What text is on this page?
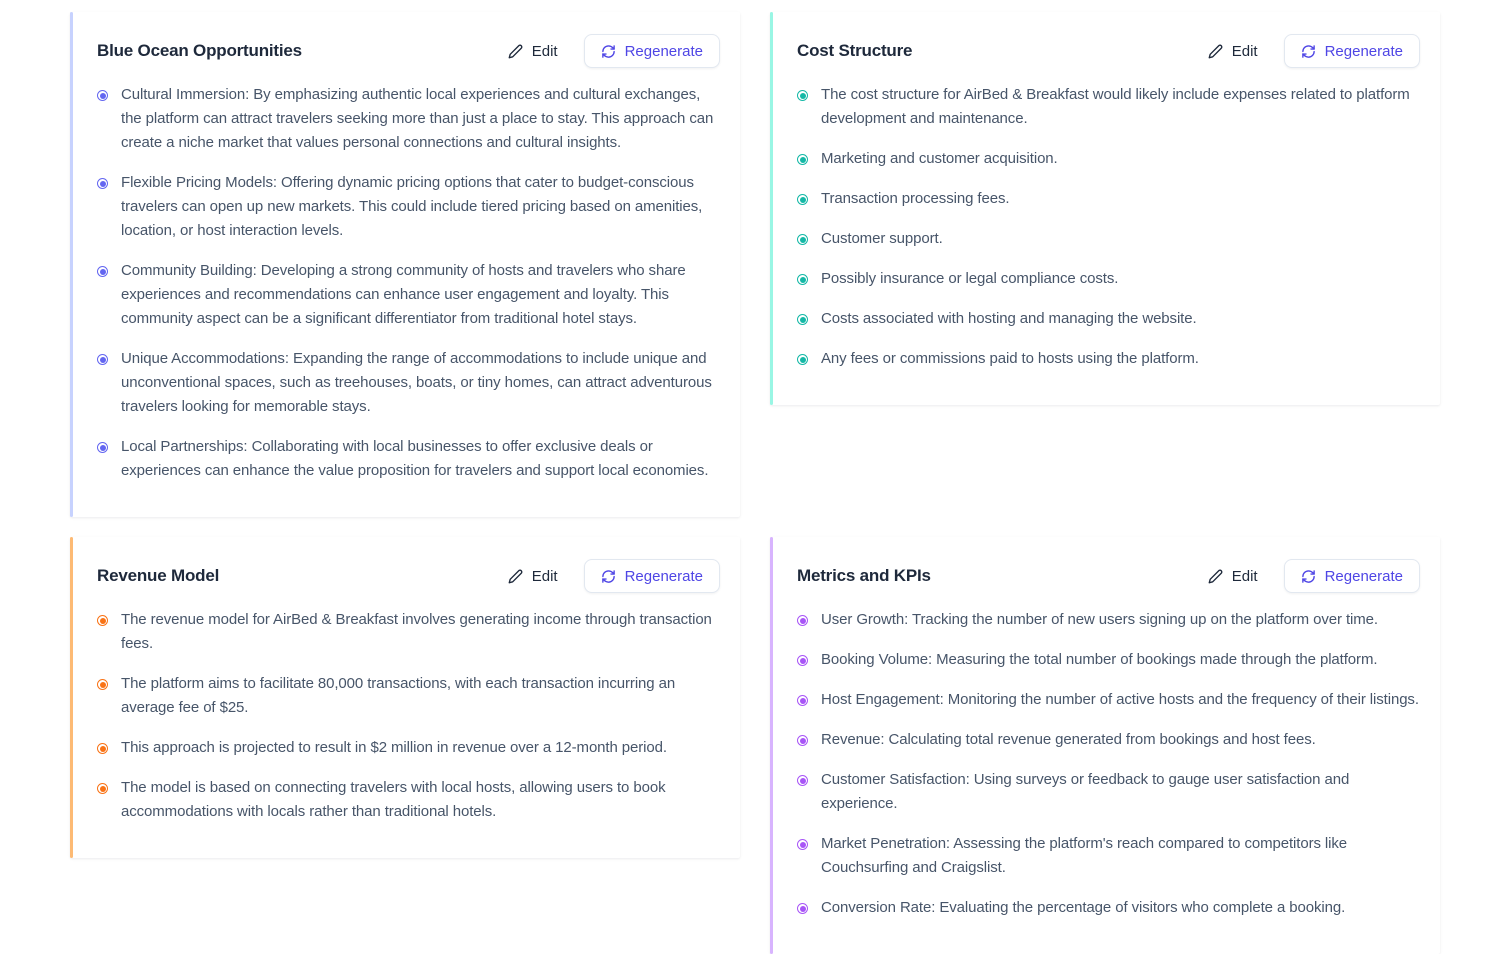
Blue Ocean Opportunities	Edit	Regenerate
Cultural Immersion: By emphasizing authentic local experiences and cultural exchanges, the platform can attract travelers seeking more than just a place to stay. This approach can create a niche market that values personal connections and cultural insights.
Flexible Pricing Models: Offering dynamic pricing options that cater to budget-conscious travelers can open up new markets. This could include tiered pricing based on amenities, location, or host interaction levels.
Community Building: Developing a strong community of hosts and travelers who share experiences and recommendations can enhance user engagement and loyalty. This community aspect can be a significant differentiator from traditional hotel stays.
Unique Accommodations: Expanding the range of accommodations to include unique and unconventional spaces, such as treehouses, boats, or tiny homes, can attract adventurous travelers looking for memorable stays.
Local Partnerships: Collaborating with local businesses to offer exclusive deals or experiences can enhance the value proposition for travelers and support local economies.
Cost Structure	Edit	Regenerate
The cost structure for AirBed & Breakfast would likely include expenses related to platform development and maintenance.
Marketing and customer acquisition.
Transaction processing fees.
Customer support.
Possibly insurance or legal compliance costs.
Costs associated with hosting and managing the website.
Any fees or commissions paid to hosts using the platform.
Revenue Model	Edit	Regenerate
The revenue model for AirBed & Breakfast involves generating income through transaction fees.
The platform aims to facilitate 80,000 transactions, with each transaction incurring an average fee of $25.
This approach is projected to result in $2 million in revenue over a 12-month period.
The model is based on connecting travelers with local hosts, allowing users to book accommodations with locals rather than traditional hotels.
Metrics and KPIs	Edit	Regenerate
User Growth: Tracking the number of new users signing up on the platform over time.
Booking Volume: Measuring the total number of bookings made through the platform.
Host Engagement: Monitoring the number of active hosts and the frequency of their listings.
Revenue: Calculating total revenue generated from bookings and host fees.
Customer Satisfaction: Using surveys or feedback to gauge user satisfaction and experience.
Market Penetration: Assessing the platform's reach compared to competitors like Couchsurfing and Craigslist.
Conversion Rate: Evaluating the percentage of visitors who complete a booking.
